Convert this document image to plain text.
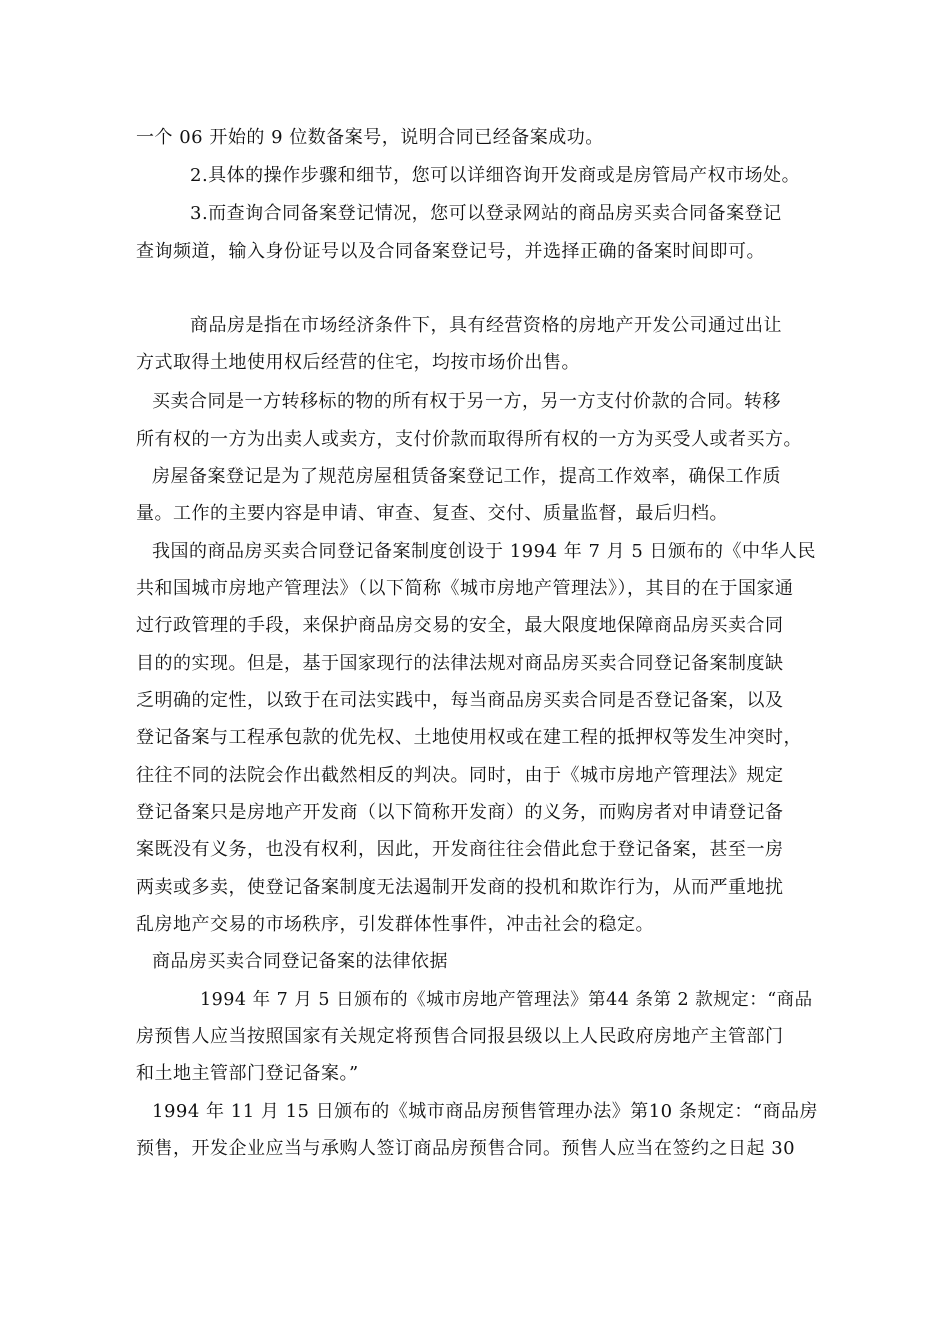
一个 06 开始的 9 位数备案号，说明合同已经备案成功。
2.具体的操作步骤和细节，您可以详细咨询开发商或是房管局产权市场处。
3.而查询合同备案登记情况，您可以登录网站的商品房买卖合同备案登记
查询频道，输入身份证号以及合同备案登记号，并选择正确的备案时间即可。
商品房是指在市场经济条件下，具有经营资格的房地产开发公司通过出让
方式取得土地使用权后经营的住宅，均按市场价出售。
买卖合同是一方转移标的物的所有权于另一方，另一方支付价款的合同。转移
所有权的一方为出卖人或卖方，支付价款而取得所有权的一方为买受人或者买方。
房屋备案登记是为了规范房屋租赁备案登记工作，提高工作效率，确保工作质
量。工作的主要内容是申请、审查、复查、交付、质量监督，最后归档。
我国的商品房买卖合同登记备案制度创设于 1994 年 7 月 5 日颁布的《中华人民
共和国城市房地产管理法》（以下简称《城市房地产管理法》），其目的在于国家通
过行政管理的手段，来保护商品房交易的安全，最大限度地保障商品房买卖合同
目的的实现。但是，基于国家现行的法律法规对商品房买卖合同登记备案制度缺
乏明确的定性，以致于在司法实践中，每当商品房买卖合同是否登记备案，以及
登记备案与工程承包款的优先权、土地使用权或在建工程的抵押权等发生冲突时，
往往不同的法院会作出截然相反的判决。同时，由于《城市房地产管理法》规定
登记备案只是房地产开发商（以下简称开发商）的义务，而购房者对申请登记备
案既没有义务，也没有权利，因此，开发商往往会借此怠于登记备案，甚至一房
两卖或多卖，使登记备案制度无法遏制开发商的投机和欺诈行为，从而严重地扰
乱房地产交易的市场秩序，引发群体性事件，冲击社会的稳定。
商品房买卖合同登记备案的法律依据
1994 年 7 月 5 日颁布的《城市房地产管理法》第44 条第 2 款规定：“商品
房预售人应当按照国家有关规定将预售合同报县级以上人民政府房地产主管部门
和土地主管部门登记备案。”
1994 年 11 月 15 日颁布的《城市商品房预售管理办法》第10 条规定：“商品房
预售，开发企业应当与承购人签订商品房预售合同。预售人应当在签约之日起 30
